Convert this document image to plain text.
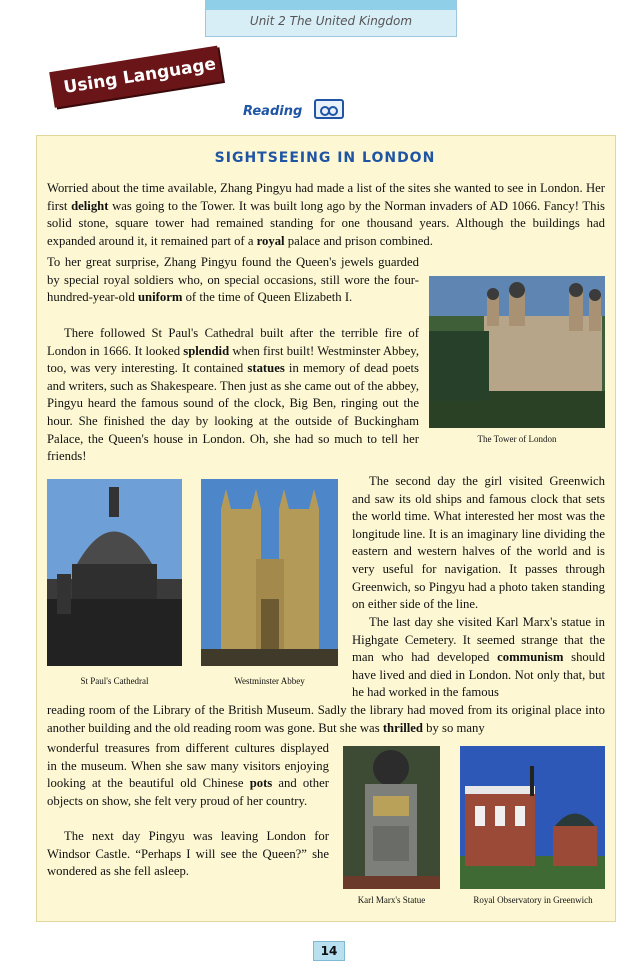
Unit 2 The United Kingdom
Using Language
Reading
SIGHTSEEING IN LONDON

Worried about the time available, Zhang Pingyu had made a list of the sites she wanted to see in London. Her first delight was going to the Tower. It was built long ago by the Norman invaders of AD 1066. Fancy! This solid stone, square tower had remained standing for one thousand years. Although the buildings had expanded around it, it remained part of a royal palace and prison combined.

To her great surprise, Zhang Pingyu found the Queen's jewels guarded by special royal soldiers who, on special occasions, still wore the four-hundred-year-old uniform of the time of Queen Elizabeth I.

There followed St Paul's Cathedral built after the terrible fire of London in 1666. It looked splendid when first built! Westminster Abbey, too, was very interesting. It contained statues in memory of dead poets and writers, such as Shakespeare. Then just as she came out of the abbey, Pingyu heard the famous sound of the clock, Big Ben, ringing out the hour. She finished the day by looking at the outside of Buckingham Palace, the Queen's house in London. Oh, she had so much to tell her friends!

The Tower of London
St Paul's Cathedral	Westminster Abbey

The second day the girl visited Greenwich and saw its old ships and famous clock that sets the world time. What interested her most was the longitude line. It is an imaginary line dividing the eastern and western halves of the world and is very useful for navigation. It passes through Greenwich, so Pingyu had a photo taken standing on either side of the line.

The last day she visited Karl Marx's statue in Highgate Cemetery. It seemed strange that the man who had developed communism should have lived and died in London. Not only that, but he had worked in the famous

reading room of the Library of the British Museum. Sadly the library had moved from its original place into another building and the old reading room was gone. But she was thrilled by so many

wonderful treasures from different cultures displayed in the museum. When she saw many visitors enjoying looking at the beautiful old Chinese pots and other objects on show, she felt very proud of her country.

The next day Pingyu was leaving London for Windsor Castle. “Perhaps I will see the Queen?” she wondered as she fell asleep.

Karl Marx's Statue	Royal Observatory in Greenwich
14
